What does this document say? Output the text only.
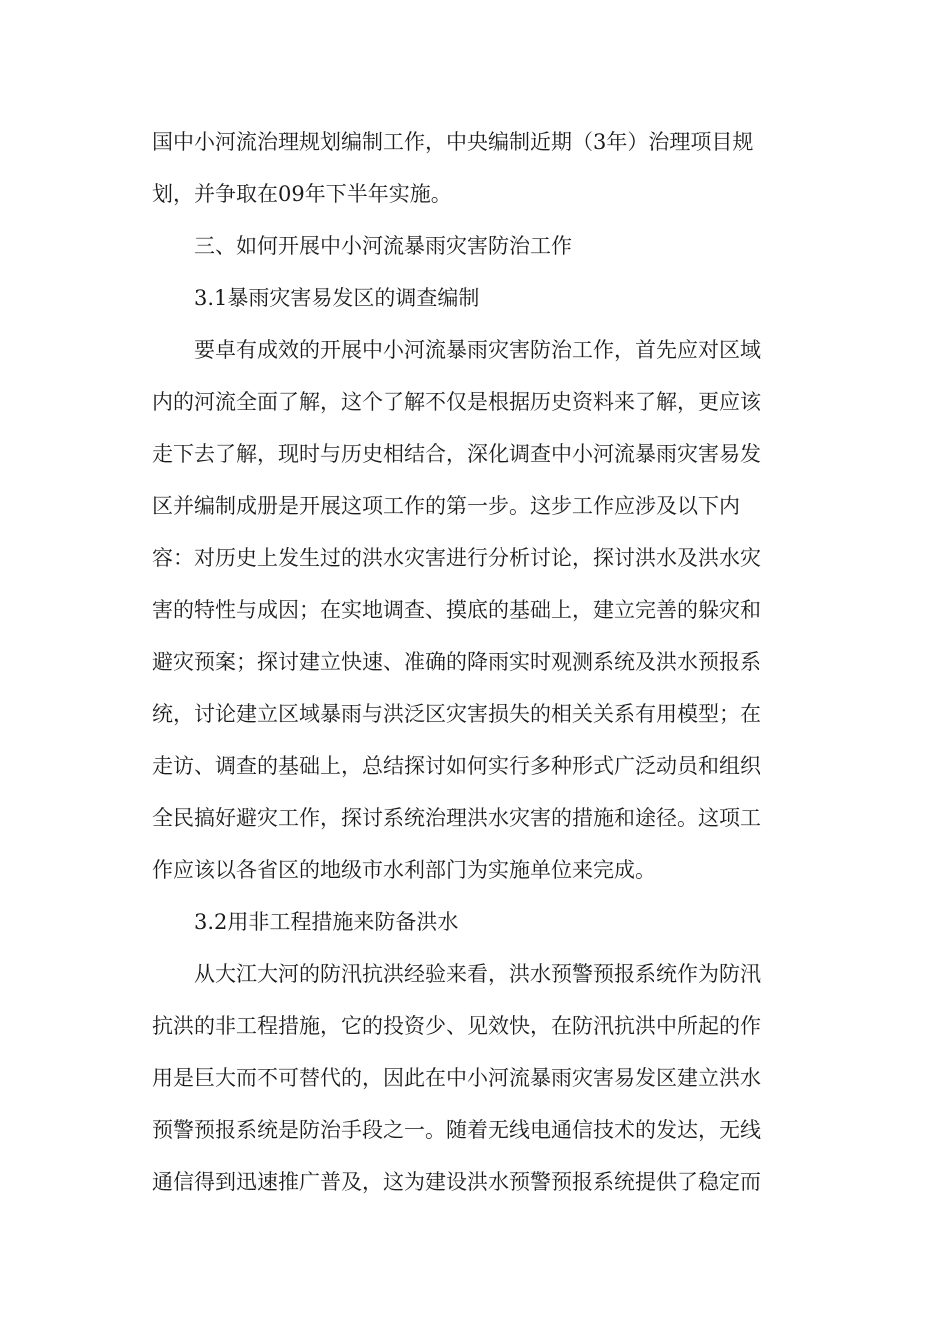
国中小河流治理规划编制工作，中央编制近期（3年）治理项目规
划，并争取在09年下半年实施。
三、如何开展中小河流暴雨灾害防治工作
3.1暴雨灾害易发区的调查编制
要卓有成效的开展中小河流暴雨灾害防治工作，首先应对区域
内的河流全面了解，这个了解不仅是根据历史资料来了解，更应该
走下去了解，现时与历史相结合，深化调查中小河流暴雨灾害易发
区并编制成册是开展这项工作的第一步。这步工作应涉及以下内
容：对历史上发生过的洪水灾害进行分析讨论，探讨洪水及洪水灾
害的特性与成因；在实地调查、摸底的基础上，建立完善的躲灾和
避灾预案；探讨建立快速、准确的降雨实时观测系统及洪水预报系
统，讨论建立区域暴雨与洪泛区灾害损失的相关关系有用模型；在
走访、调查的基础上，总结探讨如何实行多种形式广泛动员和组织
全民搞好避灾工作，探讨系统治理洪水灾害的措施和途径。这项工
作应该以各省区的地级市水利部门为实施单位来完成。
3.2用非工程措施来防备洪水
从大江大河的防汛抗洪经验来看，洪水预警预报系统作为防汛
抗洪的非工程措施，它的投资少、见效快，在防汛抗洪中所起的作
用是巨大而不可替代的，因此在中小河流暴雨灾害易发区建立洪水
预警预报系统是防治手段之一。随着无线电通信技术的发达，无线
通信得到迅速推广普及，这为建设洪水预警预报系统提供了稳定而
